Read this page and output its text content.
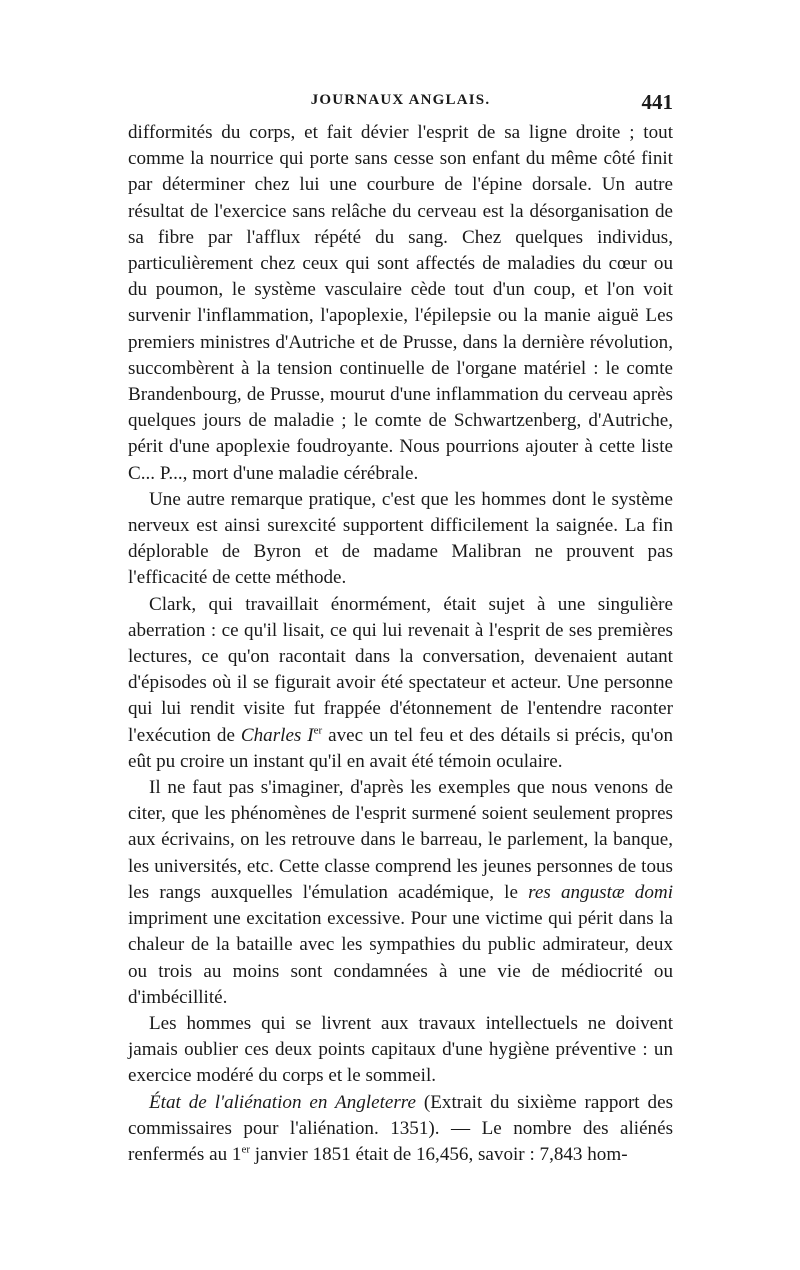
JOURNAUX ANGLAIS.	441

difformités du corps, et fait dévier l'esprit de sa ligne droite ; tout comme la nourrice qui porte sans cesse son enfant du même côté finit par déterminer chez lui une courbure de l'épine dorsale. Un autre résultat de l'exercice sans relâche du cerveau est la désorganisation de sa fibre par l'afflux répété du sang. Chez quelques individus, particulièrement chez ceux qui sont affectés de maladies du cœur ou du poumon, le système vasculaire cède tout d'un coup, et l'on voit survenir l'inflammation, l'apoplexie, l'épilepsie ou la manie aiguë Les premiers ministres d'Autriche et de Prusse, dans la dernière révolution, succombèrent à la tension continuelle de l'organe matériel : le comte Brandenbourg, de Prusse, mourut d'une inflammation du cerveau après quelques jours de maladie ; le comte de Schwartzenberg, d'Autriche, périt d'une apoplexie foudroyante. Nous pourrions ajouter à cette liste C... P..., mort d'une maladie cérébrale.

Une autre remarque pratique, c'est que les hommes dont le système nerveux est ainsi surexcité supportent difficilement la saignée. La fin déplorable de Byron et de madame Malibran ne prouvent pas l'efficacité de cette méthode.

Clark, qui travaillait énormément, était sujet à une singulière aberration : ce qu'il lisait, ce qui lui revenait à l'esprit de ses premières lectures, ce qu'on racontait dans la conversation, devenaient autant d'épisodes où il se figurait avoir été spectateur et acteur. Une personne qui lui rendit visite fut frappée d'étonnement de l'entendre raconter l'exécution de Charles Ier avec un tel feu et des détails si précis, qu'on eût pu croire un instant qu'il en avait été témoin oculaire.

Il ne faut pas s'imaginer, d'après les exemples que nous venons de citer, que les phénomènes de l'esprit surmené soient seulement propres aux écrivains, on les retrouve dans le barreau, le parlement, la banque, les universités, etc. Cette classe comprend les jeunes personnes de tous les rangs auxquelles l'émulation académique, le res angustæ domi impriment une excitation excessive. Pour une victime qui périt dans la chaleur de la bataille avec les sympathies du public admirateur, deux ou trois au moins sont condamnées à une vie de médiocrité ou d'imbécillité.

Les hommes qui se livrent aux travaux intellectuels ne doivent jamais oublier ces deux points capitaux d'une hygiène préventive : un exercice modéré du corps et le sommeil.

État de l'aliénation en Angleterre (Extrait du sixième rapport des commissaires pour l'aliénation. 1351). — Le nombre des aliénés renfermés au 1er janvier 1851 était de 16,456, savoir : 7,843 hom-
